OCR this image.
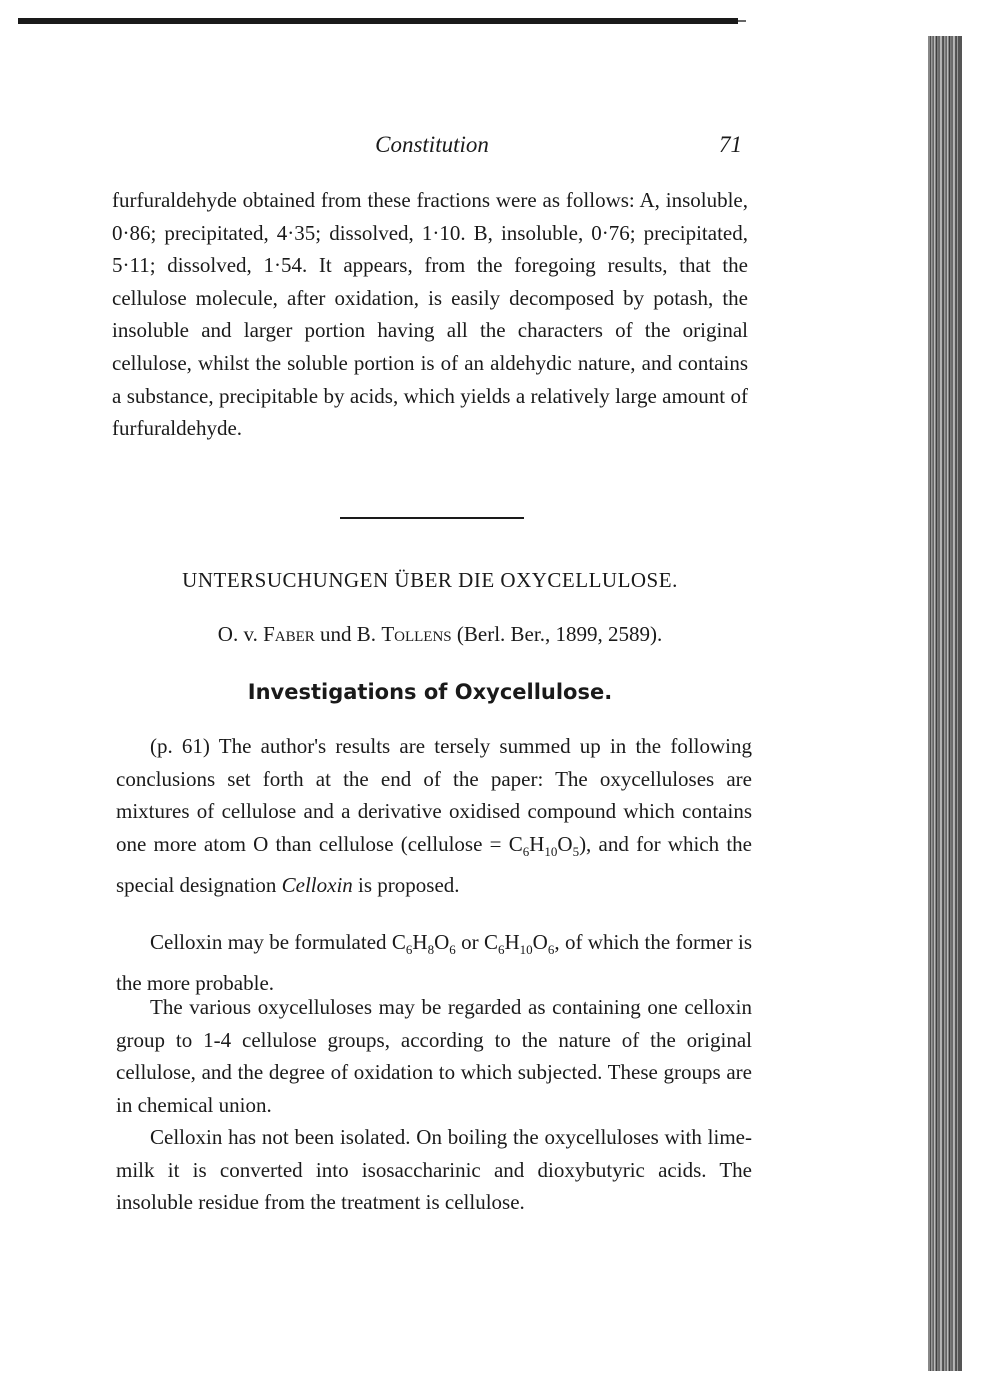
Constitution	71

furfuraldehyde obtained from these fractions were as follows: A, insoluble, 0·86; precipitated, 4·35; dissolved, 1·10. B, insoluble, 0·76; precipitated, 5·11; dissolved, 1·54. It appears, from the foregoing results, that the cellulose molecule, after oxidation, is easily decomposed by potash, the insoluble and larger portion having all the characters of the original cellulose, whilst the soluble portion is of an aldehydic nature, and contains a substance, precipitable by acids, which yields a relatively large amount of furfuraldehyde.

UNTERSUCHUNGEN ÜBER DIE OXYCELLULOSE.
O. v. Faber und B. Tollens (Berl. Ber., 1899, 2589).
Investigations of Oxycellulose.

(p. 61) The author's results are tersely summed up in the following conclusions set forth at the end of the paper: The oxycelluloses are mixtures of cellulose and a derivative oxidised compound which contains one more atom O than cellulose (cellulose = $C_6H_{10}O_5$), and for which the special designation Celloxin is proposed.

Celloxin may be formulated $C_6H_8O_6$ or $C_6H_{10}O_6$, of which the former is the more probable.

The various oxycelluloses may be regarded as containing one celloxin group to 1-4 cellulose groups, according to the nature of the original cellulose, and the degree of oxidation to which subjected. These groups are in chemical union.

Celloxin has not been isolated. On boiling the oxycelluloses with lime-milk it is converted into isosaccharinic and dioxybutyric acids. The insoluble residue from the treatment is cellulose.
